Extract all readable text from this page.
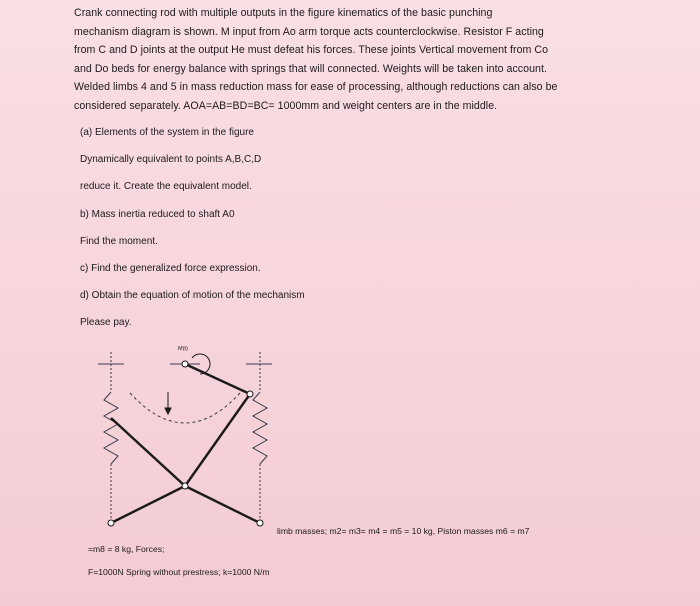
Crank connecting rod with multiple outputs in the figure kinematics of the basic punching
mechanism diagram is shown. M input from Ao arm torque acts counterclockwise. Resistor F acting
from C and D joints at the output He must defeat his forces. These joints Vertical movement from Co
and Do beds for energy balance with springs that will connected. Weights will be taken into account.
Welded limbs 4 and 5 in mass reduction mass for ease of processing, although reductions can also be
considered separately. AOA=AB=BD=BC= 1000mm and weight centers are in the middle.
(a) Elements of the system in the figure
Dynamically equivalent to points A,B,C,D
reduce it. Create the equivalent model.
b) Mass inertia reduced to shaft A0
Find the moment.
c) Find the generalized force expression.
d) Obtain the equation of motion of the mechanism
Please pay.
M(t)
limb masses; m2= m3= m4 = m5 = 10 kg, Piston masses m6 = m7
=m8 = 8 kg, Forces;
F=1000N Spring without prestress; k=1000 N/m
